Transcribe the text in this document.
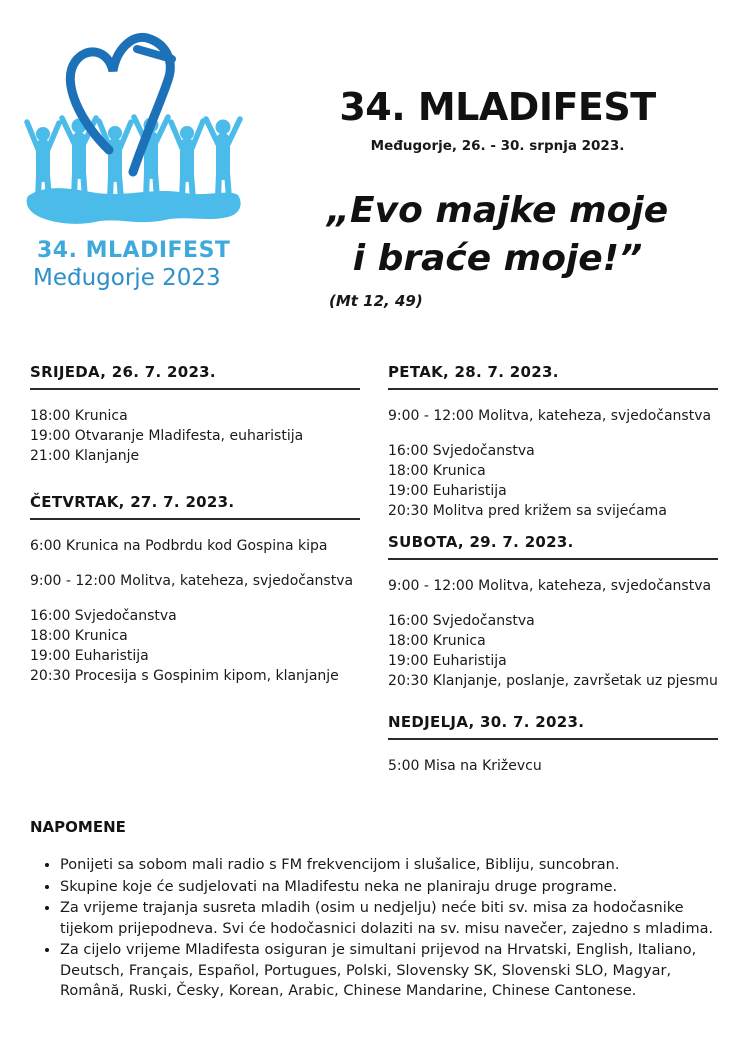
34. MLADIFEST
Međugorje 2023
34. MLADIFEST
Međugorje, 26. - 30. srpnja 2023.
„Evo majke moje
i braće moje!”
(Mt 12, 49)
SRIJEDA, 26. 7. 2023.
18:00 Krunica
19:00 Otvaranje Mladifesta, euharistija
21:00 Klanjanje
ČETVRTAK, 27. 7. 2023.
6:00 Krunica na Podbrdu kod Gospina kipa
9:00 - 12:00 Molitva, kateheza, svjedočanstva
16:00 Svjedočanstva
18:00 Krunica
19:00 Euharistija
20:30 Procesija s Gospinim kipom, klanjanje
PETAK, 28. 7. 2023.
9:00 - 12:00 Molitva, kateheza, svjedočanstva
16:00 Svjedočanstva
18:00 Krunica
19:00 Euharistija
20:30 Molitva pred križem sa svijećama
SUBOTA, 29. 7. 2023.
9:00 - 12:00 Molitva, kateheza, svjedočanstva
16:00 Svjedočanstva
18:00 Krunica
19:00 Euharistija
20:30 Klanjanje, poslanje, završetak uz pjesmu
NEDJELJA, 30. 7. 2023.
5:00 Misa na Križevcu
NAPOMENE
• Ponijeti sa sobom mali radio s FM frekvencijom i slušalice, Bibliju, suncobran.
• Skupine koje će sudjelovati na Mladifestu neka ne planiraju druge programe.
• Za vrijeme trajanja susreta mladih (osim u nedjelju) neće biti sv. misa za hodočasnike tijekom prijepodneva. Svi će hodočasnici dolaziti na sv. misu navečer, zajedno s mladima.
• Za cijelo vrijeme Mladifesta osiguran je simultani prijevod na Hrvatski, English, Italiano, Deutsch, Français, Español, Portugues, Polski, Slovensky SK, Slovenski SLO, Magyar, Română, Ruski, Česky, Korean, Arabic, Chinese Mandarine, Chinese Cantonese.
